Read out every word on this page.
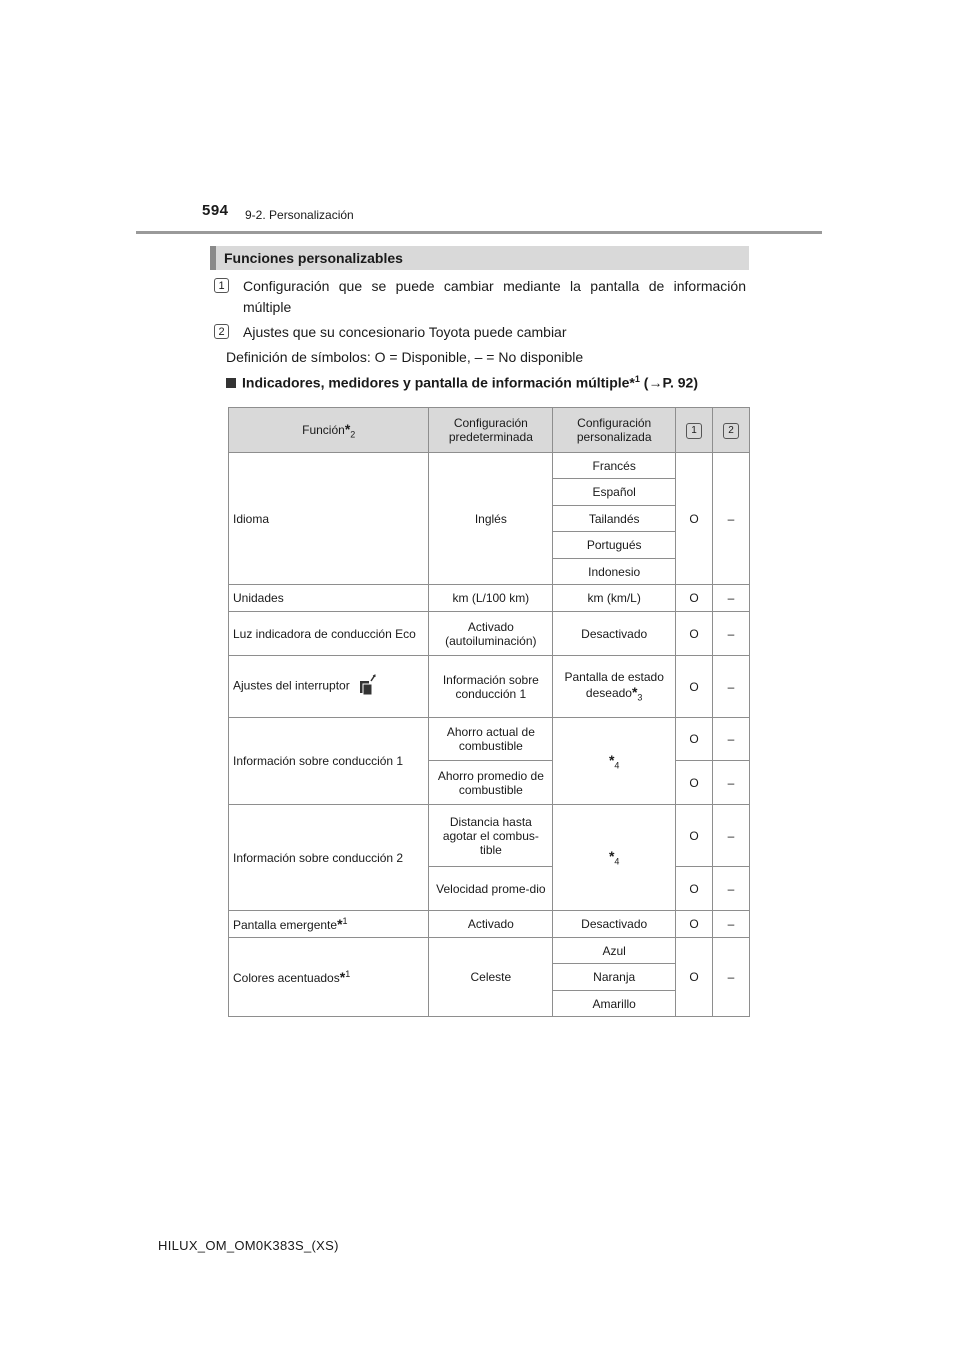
594 9-2. Personalización
Funciones personalizables
1	Configuración que se puede cambiar mediante la pantalla de información múltiple
2	Ajustes que su concesionario Toyota puede cambiar
Definición de símbolos: O = Disponible, – = No disponible
Indicadores, medidores y pantalla de información múltiple*$^1$ (→P. 92)
$Función*_2$	Configuración predeterminada	Configuración personalizada	1	2
Idioma	Inglés	Francés	O	–
		Español		
		Tailandés		
		Portugués		
		Indonesio		
Unidades	km (L/100 km)	km (km/L)	O	–
Luz indicadora de conducción Eco	Activado (autoiluminación)	Desactivado	O	–
Ajustes del interruptor	Información sobre conducción 1	Pantalla de estado $deseado*_3$	O	–
Información sobre conducción 1	Ahorro actual de combustible	$*_4$	O	–
	Ahorro promedio de combustible		O	–
Información sobre conducción 2	Distancia hasta agotar el combus-tible	$*_4$	O	–
	Velocidad prome-dio		O	–
Pantalla emergente*$^1$	Activado	Desactivado	O	–
Colores acentuados*$^1$	Celeste	Azul	O	–
		Naranja		
		Amarillo		
HILUX_OM_OM0K383S_(XS)
